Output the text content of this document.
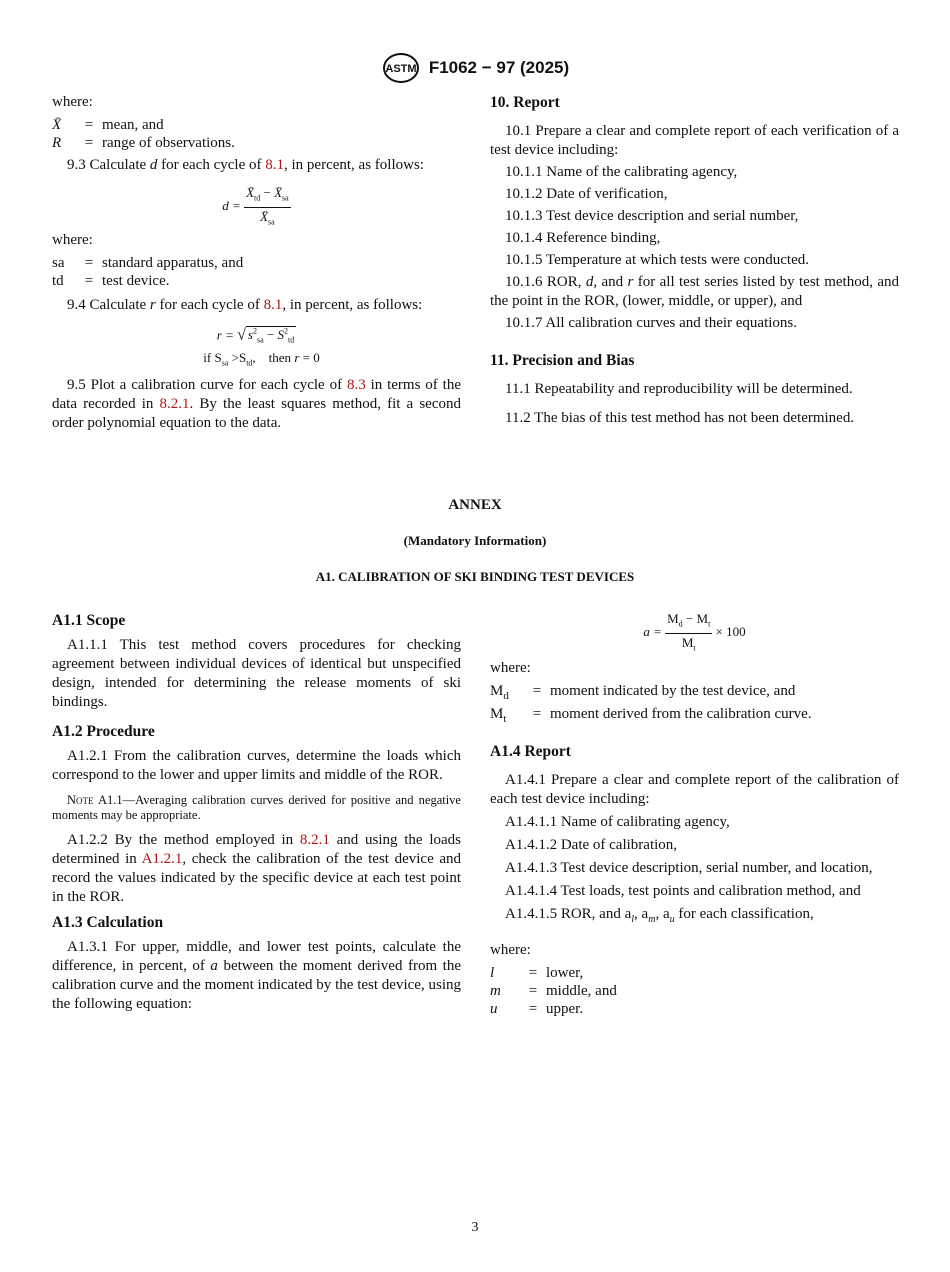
ASTM F1062 − 97 (2025)

where:

X̄	= mean, and
R	= range of observations.

9.3 Calculate d for each cycle of 8.1, in percent, as follows:

$d = \frac{X̄_{td} - X̄_{sa}}{X̄_{sa}}$

where:

sa	= standard apparatus, and
td	= test device.

9.4 Calculate r for each cycle of 8.1, in percent, as follows:

r = √ $s^2_{sa} - S^2_{td}$
if $S_{sa} >S_{td}$, then r = 0

9.5 Plot a calibration curve for each cycle of 8.3 in terms of the data recorded in 8.2.1. By the least squares method, fit a second order polynomial equation to the data.

10. Report

10.1 Prepare a clear and complete report of each verification of a test device including:

10.1.1 Name of the calibrating agency,

10.1.2 Date of verification,

10.1.3 Test device description and serial number,

10.1.4 Reference binding,

10.1.5 Temperature at which tests were conducted.

10.1.6 ROR, d, and r for all test series listed by test method, and the point in the ROR, (lower, middle, or upper), and

10.1.7 All calibration curves and their equations.

11. Precision and Bias

11.1 Repeatability and reproducibility will be determined.

11.2 The bias of this test method has not been determined.

ANNEX
(Mandatory Information)
A1. CALIBRATION OF SKI BINDING TEST DEVICES

A1.1 Scope

A1.1.1 This test method covers procedures for checking agreement between individual devices of identical but unspecified design, intended for determining the release moments of ski bindings.

A1.2 Procedure

A1.2.1 From the calibration curves, determine the loads which correspond to the lower and upper limits and middle of the ROR.

Note A1.1—Averaging calibration curves derived for positive and negative moments may be appropriate.

A1.2.2 By the method employed in 8.2.1 and using the loads determined in A1.2.1, check the calibration of the test device and record the values indicated by the specific device at each test point in the ROR.

A1.3 Calculation

A1.3.1 For upper, middle, and lower test points, calculate the difference, in percent, of a between the moment derived from the calibration curve and the moment indicated by the test device, using the following equation:

$a = \frac{M_d - M_t}{M_t} \times 100$

where:

$M_d$	= moment indicated by the test device, and
$M_t$	= moment derived from the calibration curve.

A1.4 Report

A1.4.1 Prepare a clear and complete report of the calibration of each test device including:

A1.4.1.1 Name of calibrating agency,

A1.4.1.2 Date of calibration,

A1.4.1.3 Test device description, serial number, and location,

A1.4.1.4 Test loads, test points and calibration method, and

A1.4.1.5 ROR, and $a_l$, $a_m$, $a_u$ for each classification,

where:

l	= lower,
m	= middle, and
u	= upper.
3
